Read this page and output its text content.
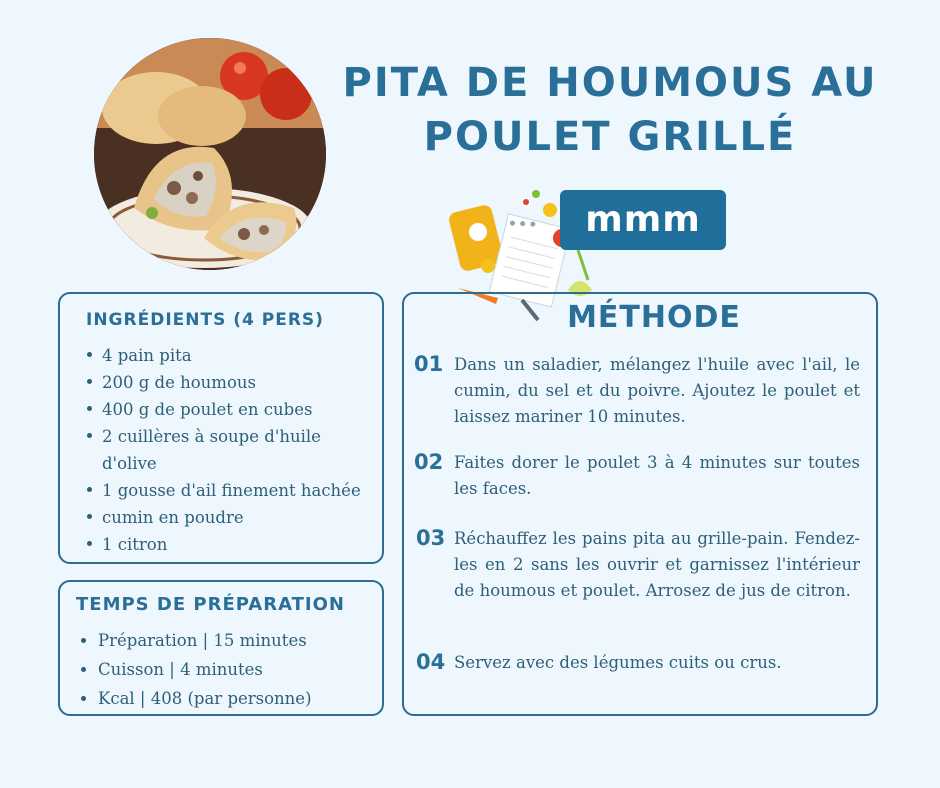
PITA DE HOUMOUS AU POULET GRILLÉ
mmm
INGRÉDIENTS (4 PERS)
4 pain pita
200 g de houmous
400 g de poulet en cubes
2 cuillères à soupe d'huile d'olive
1 gousse d'ail finement hachée
cumin en poudre
1 citron
TEMPS DE PRÉPARATION
Préparation | 15 minutes
Cuisson | 4 minutes
Kcal | 408 (par personne)
01 Dans un saladier, mélangez l'huile avec l'ail, le cumin, du sel et du poivre. Ajoutez le poulet et laissez mariner 10 minutes.
02 Faites dorer le poulet 3 à 4 minutes sur toutes les faces.
03 Réchauffez les pains pita au grille-pain. Fendez-les en 2 sans les ouvrir et garnissez l'intérieur de houmous et poulet. Arrosez de jus de citron.
04 Servez avec des légumes cuits ou crus.
MÉTHODE
